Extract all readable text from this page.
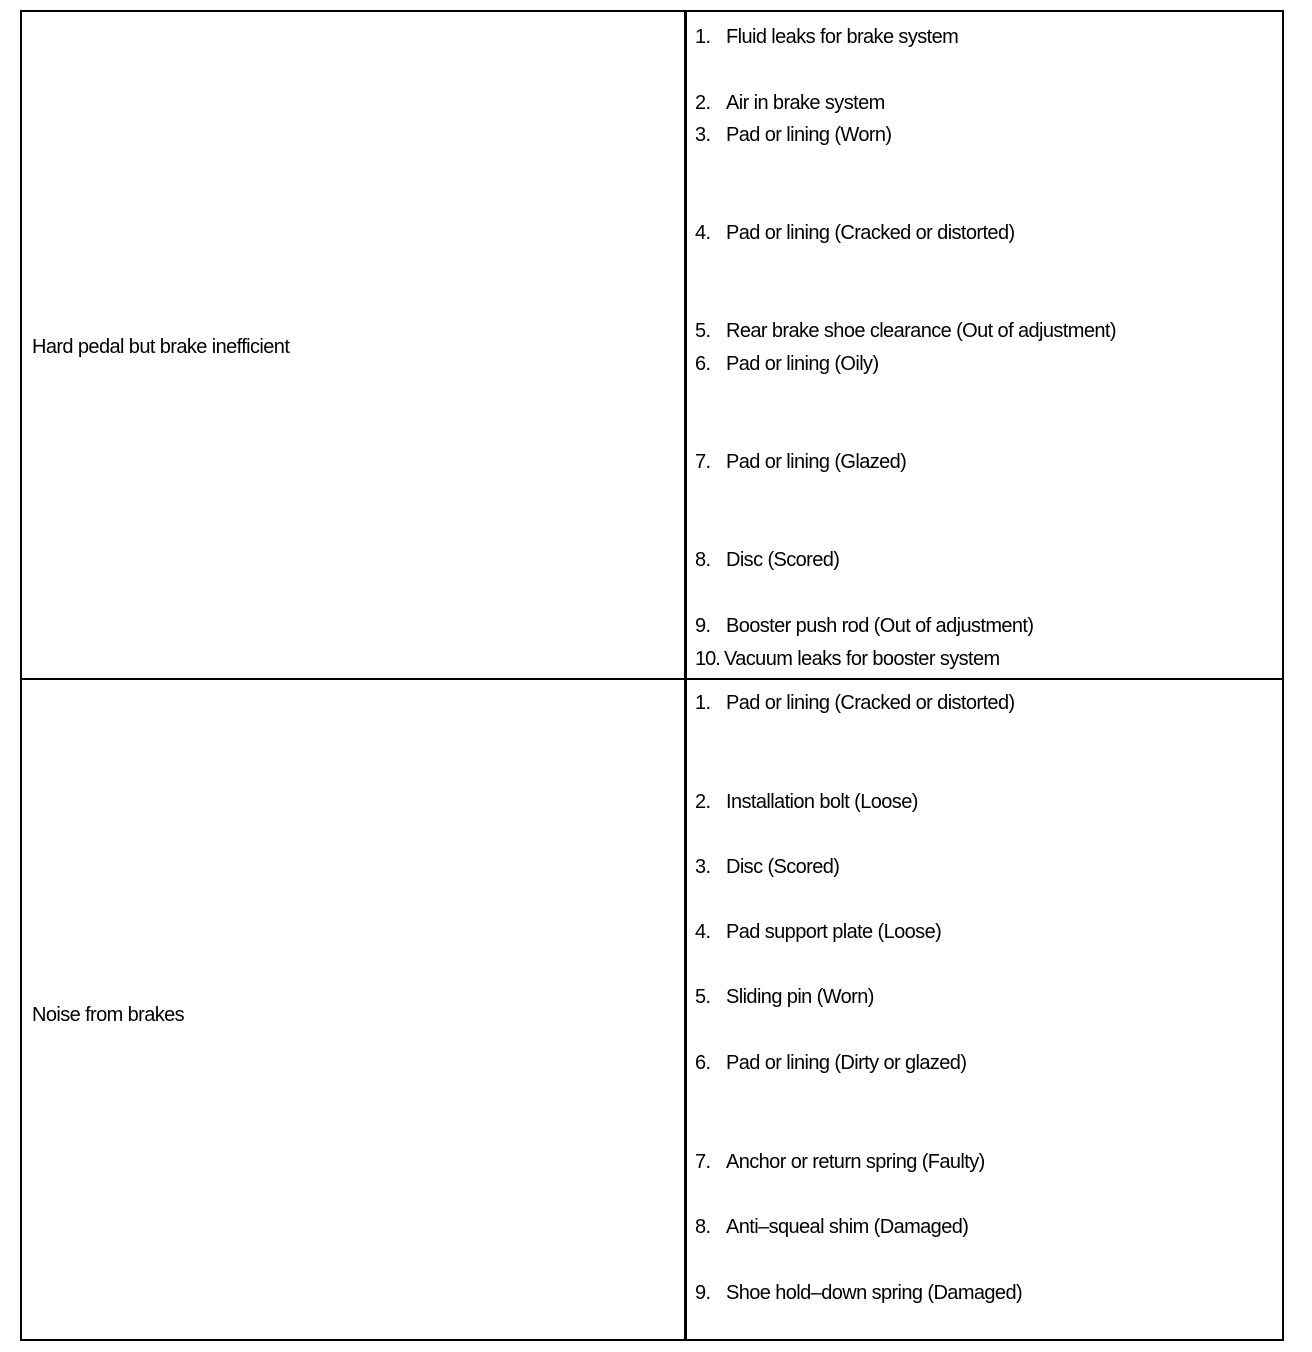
Hard pedal but brake inefficient
1. Fluid leaks for brake system
2. Air in brake system
3. Pad or lining (Worn)
4. Pad or lining (Cracked or distorted)
5. Rear brake shoe clearance (Out of adjustment)
6. Pad or lining (Oily)
7. Pad or lining (Glazed)
8. Disc (Scored)
9. Booster push rod (Out of adjustment)
10. Vacuum leaks for booster system
Noise from brakes
1. Pad or lining (Cracked or distorted)
2. Installation bolt (Loose)
3. Disc (Scored)
4. Pad support plate (Loose)
5. Sliding pin (Worn)
6. Pad or lining (Dirty or glazed)
7. Anchor or return spring (Faulty)
8. Anti–squeal shim (Damaged)
9. Shoe hold–down spring (Damaged)
